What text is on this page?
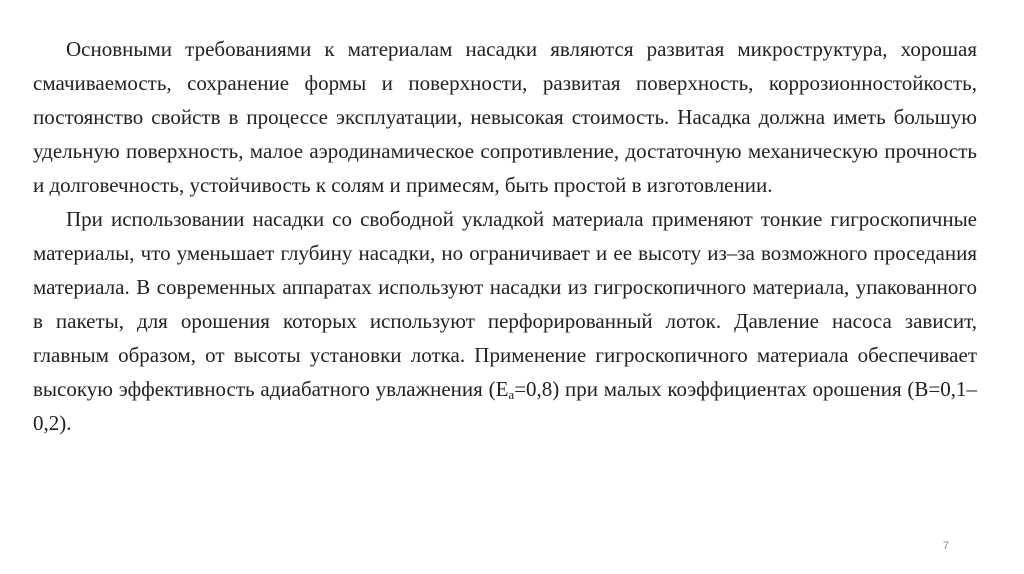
Основными требованиями к материалам насадки являются развитая микроструктура, хорошая смачиваемость, сохранение формы и поверхности, развитая поверхность, коррозионностойкость, постоянство свойств в процессе эксплуатации, невысокая стоимость. Насадка должна иметь большую удельную поверхность, малое аэродинамическое сопротивление, достаточную механическую прочность и долговечность, устойчивость к солям и примесям, быть простой в изготовлении.

При использовании насадки со свободной укладкой материала применяют тонкие гигроскопичные материалы, что уменьшает глубину насадки, но ограничивает и ее высоту из–за возможного проседания материала. В современных аппаратах используют насадки из гигроскопичного материала, упакованного в пакеты, для орошения которых используют перфорированный лоток. Давление насоса зависит, главным образом, от высоты установки лотка. Применение гигроскопичного материала обеспечивает высокую эффективность адиабатного увлажнения $(E_a=0,8)$ при малых коэффициентах орошения (B=0,1– 0,2).

7
